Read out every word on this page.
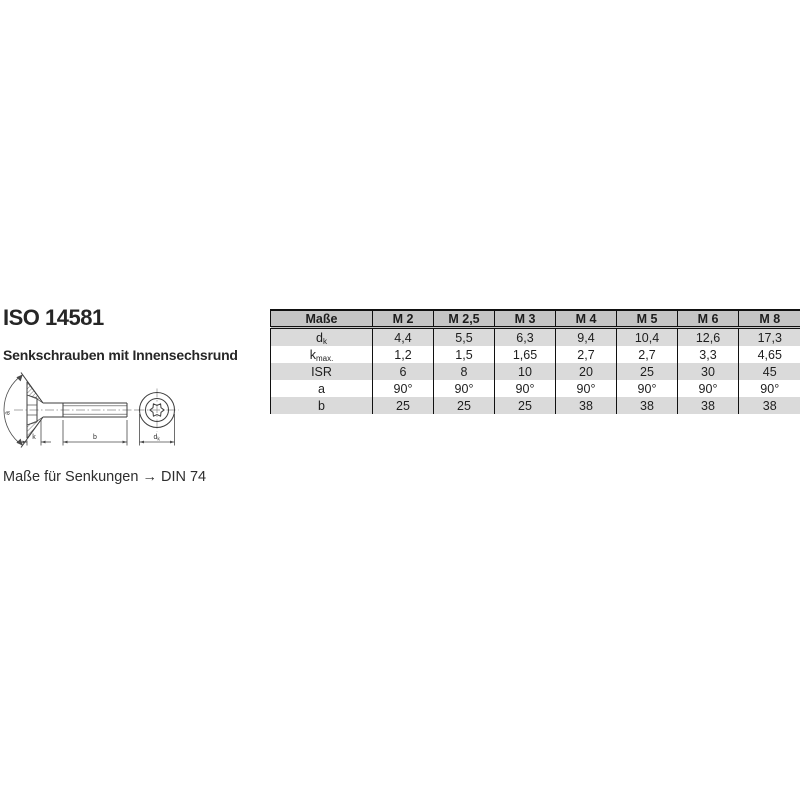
ISO 14581
Senkschrauben mit Innensechsrund
a
k	b	$d_k$

Maße für Senkungen → DIN 74

Maße	M 2	M 2,5	M 3	M 4	M 5	M 6	M 8
$d_k$	4,4	5,5	6,3	9,4	10,4	12,6	17,3
$k_{max.}$	1,2	1,5	1,65	2,7	2,7	3,3	4,65
ISR	6	8	10	20	25	30	45
a	90°	90°	90°	90°	90°	90°	90°
b	25	25	25	38	38	38	38
